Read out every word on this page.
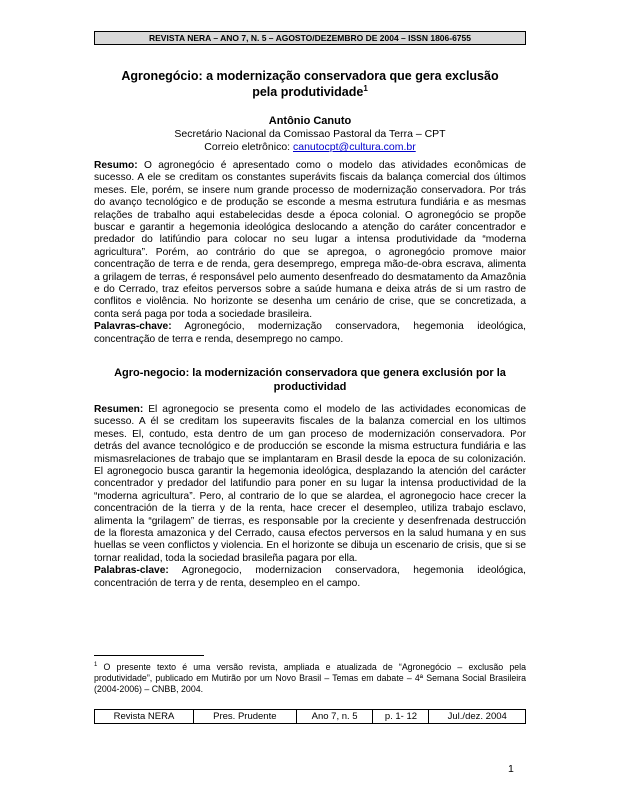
REVISTA NERA – ANO 7, N. 5 – AGOSTO/DEZEMBRO DE 2004 – ISSN 1806-6755
Agronegócio: a modernização conservadora que gera exclusão
pela produtividade$^1$
Antônio Canuto
Secretário Nacional da Comissao Pastoral da Terra – CPT
Correio eletrônico: canutocpt@cultura.com.br
Resumo: O agronegócio é apresentado como o modelo das atividades econômicas de sucesso. A ele se creditam os constantes superávits fiscais da balança comercial dos últimos meses. Ele, porém, se insere num grande processo de modernização conservadora. Por trás do avanço tecnológico e de produção se esconde a mesma estrutura fundiária e as mesmas relações de trabalho aqui estabelecidas desde a época colonial. O agronegócio se propõe buscar e garantir a hegemonia ideológica deslocando a atenção do caráter concentrador e predador do latifúndio para colocar no seu lugar a intensa produtividade da “moderna agricultura”. Porém, ao contrário do que se apregoa, o agronegócio promove maior concentração de terra e de renda, gera desemprego, emprega mão-de-obra escrava, alimenta a grilagem de terras, é responsável pelo aumento desenfreado do desmatamento da Amazônia e do Cerrado, traz efeitos perversos sobre a saúde humana e deixa atrás de si um rastro de conflitos e violência. No horizonte se desenha um cenário de crise, que se concretizada, a conta será paga por toda a sociedade brasileira.
Palavras-chave: Agronegócio, modernização conservadora, hegemonia ideológica, concentração de terra e renda, desemprego no campo.
Agro-negocio: la modernización conservadora que genera exclusión por la productividad
Resumen: El agronegocio se presenta como el modelo de las actividades economicas de sucesso. A él se creditam los supeeravits fiscales de la balanza comercial en los ultimos meses. El, contudo, esta dentro de um gan proceso de modernización conservadora. Por detrás del avance tecnológico e de producción se esconde la misma estructura fundiária e las mismasrelaciones de trabajo que se implantaram en Brasil desde la epoca de su colonización. El agronegocio busca garantir la hegemonia ideológica, desplazando la atención del carácter concentrador y predador del latifundio para poner en su lugar la intensa productividad de la “moderna agricultura”. Pero, al contrario de lo que se alardea, el agronegocio hace crecer la concentración de la tierra y de la renta, hace crecer el desempleo, utiliza trabajo esclavo, alimenta la “grilagem” de tierras, es responsable por la creciente y desenfrenada destrucción de la floresta amazonica y del Cerrado, causa efectos perversos en la salud humana y en sus huellas se veen conflictos y violencia. En el horizonte se dibuja un escenario de crisis, que si se tornar realidad, toda la sociedad brasileña pagara por ella.
Palabras-clave: Agronegocio, modernizacion conservadora, hegemonia ideológica, concentración de terra y de renta, desempleo en el campo.
$^1$ O presente texto é uma versão revista, ampliada e atualizada de “Agronegócio – exclusão pela produtividade”, publicado em Mutirão por um Novo Brasil – Temas em dabate – 4ª Semana Social Brasileira (2004-2006) – CNBB, 2004.
Revista NERA	Pres. Prudente	Ano 7, n. 5	p. 1- 12	Jul./dez. 2004
1
